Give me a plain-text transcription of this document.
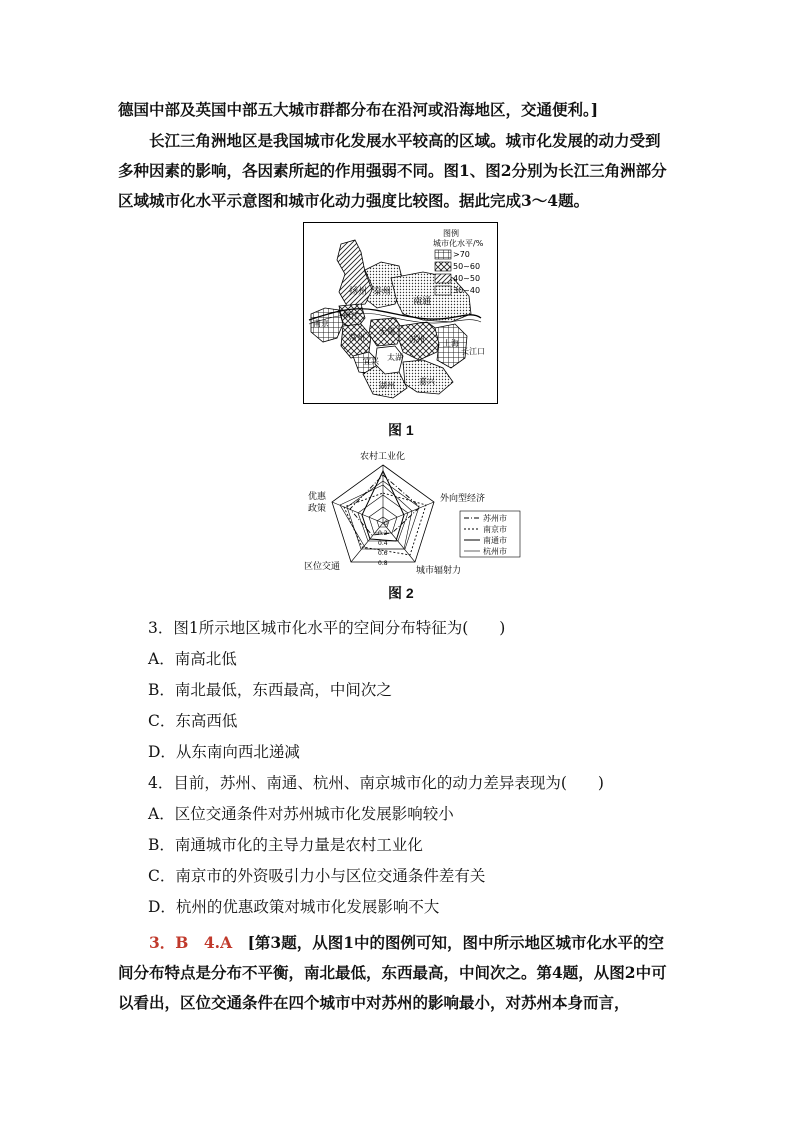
德国中部及英国中部五大城市群都分布在沿河或沿海地区，交通便利。]

长江三角洲地区是我国城市化发展水平较高的区域。城市化发展的动力受到多种因素的影响，各因素所起的作用强弱不同。图1、图2分别为长江三角洲部分区域城市化水平示意图和城市化动力强度比较图。据此完成3～4题。

扬州 泰州
南通
南京
镇江
常州
无锡
苏州 上海
宜兴 太湖
湖州	嘉兴
长江口
图例
城市化水平/%
>70
50~60
40~50
30~40
图 1
0
0.2
0.4
0.6
0.8
农村工业化
外向型经济
城市辐射力
区位交通
优惠
政策
苏州市
南京市
南通市
杭州市
图 2
3．图1所示地区城市化水平的空间分布特征为(　　)
A．南高北低
B．南北最低，东西最高，中间次之
C．东高西低
D．从东南向西北递减
4．目前，苏州、南通、杭州、南京城市化的动力差异表现为(　　)
A．区位交通条件对苏州城市化发展影响较小
B．南通城市化的主导力量是农村工业化
C．南京市的外资吸引力小与区位交通条件差有关
D．杭州的优惠政策对城市化发展影响不大

3．B　4.A　[第3题，从图1中的图例可知，图中所示地区城市化水平的空间分布特点是分布不平衡，南北最低，东西最高，中间次之。第4题，从图2中可以看出，区位交通条件在四个城市中对苏州的影响最小，对苏州本身而言，
